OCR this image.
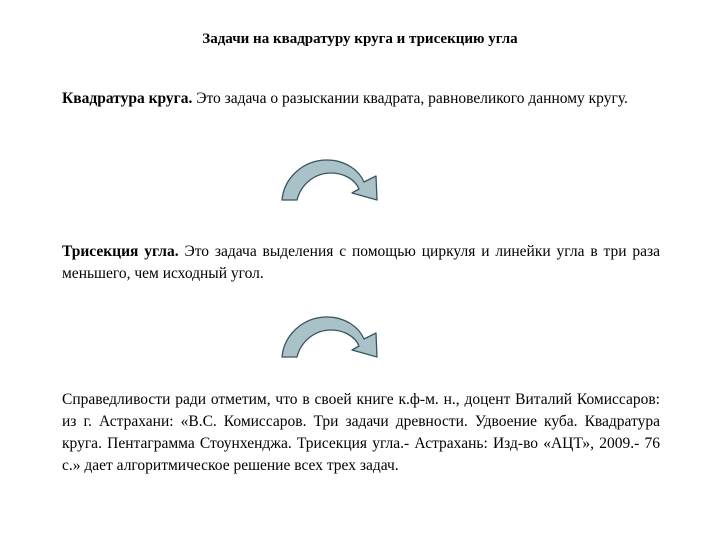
Задачи на квадратуру круга и трисекцию угла

Квадратура круга. Это задача о разыскании квадрата, равновеликого данному кругу.

Трисекция угла. Это задача выделения с помощью циркуля и линейки угла в три раза меньшего, чем исходный угол.

Справедливости ради отметим, что в своей книге к.ф-м. н., доцент Виталий Комиссаров: из г. Астрахани: «В.С. Комиссаров. Три задачи древности. Удвоение куба. Квадратура круга. Пентаграмма Стоунхенджа. Трисекция угла.- Астрахань: Изд-во «АЦТ», 2009.- 76 с.» дает алгоритмическое решение всех трех задач.
